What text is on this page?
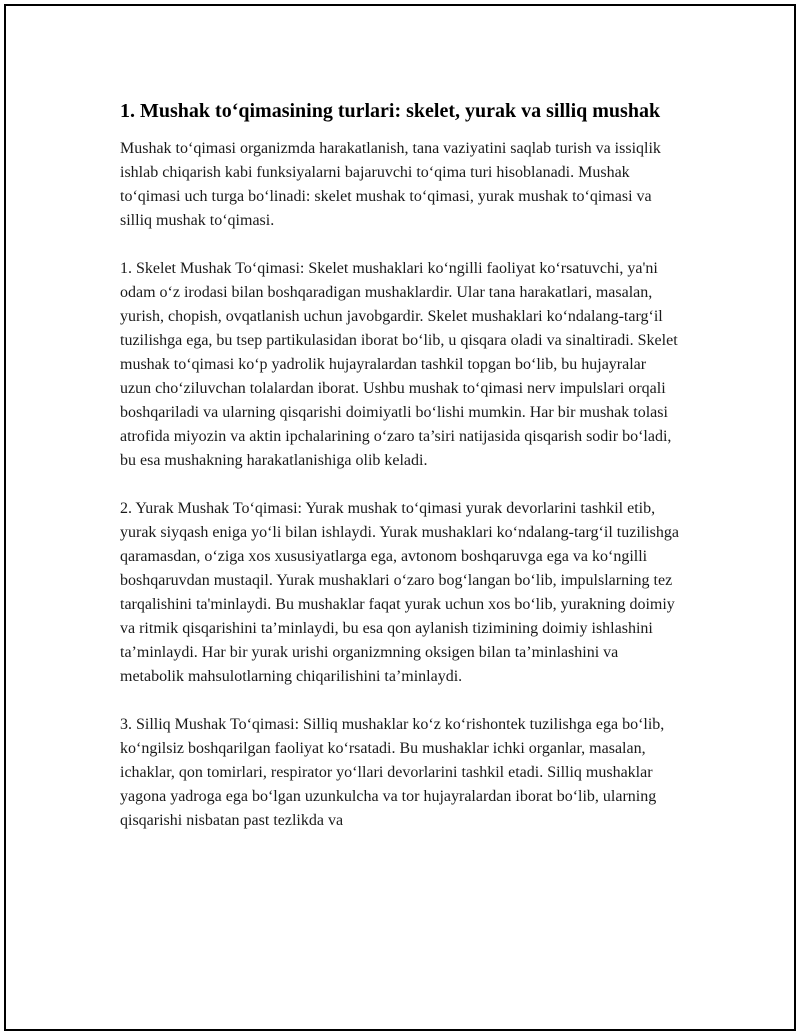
1. Mushak to‘qimasining turlari: skelet, yurak va silliq mushak

Mushak to‘qimasi organizmda harakatlanish, tana vaziyatini saqlab turish va issiqlik ishlab chiqarish kabi funksiyalarni bajaruvchi to‘qima turi hisoblanadi. Mushak to‘qimasi uch turga bo‘linadi: skelet mushak to‘qimasi, yurak mushak to‘qimasi va silliq mushak to‘qimasi.

1. Skelet Mushak To‘qimasi: Skelet mushaklari ko‘ngilli faoliyat ko‘rsatuvchi, ya'ni odam o‘z irodasi bilan boshqaradigan mushaklardir. Ular tana harakatlari, masalan, yurish, chopish, ovqatlanish uchun javobgardir. Skelet mushaklari ko‘ndalang-targ‘il tuzilishga ega, bu tsep partikulasidan iborat bo‘lib, u qisqara oladi va sinaltiradi. Skelet mushak to‘qimasi ko‘p yadrolik hujayralardan tashkil topgan bo‘lib, bu hujayralar uzun cho‘ziluvchan tolalardan iborat. Ushbu mushak to‘qimasi nerv impulslari orqali boshqariladi va ularning qisqarishi doimiyatli bo‘lishi mumkin. Har bir mushak tolasi atrofida miyozin va aktin ipchalarining o‘zaro ta’siri natijasida qisqarish sodir bo‘ladi, bu esa mushakning harakatlanishiga olib keladi.

2. Yurak Mushak To‘qimasi: Yurak mushak to‘qimasi yurak devorlarini tashkil etib, yurak siyqash eniga yo‘li bilan ishlaydi. Yurak mushaklari ko‘ndalang-targ‘il tuzilishga qaramasdan, o‘ziga xos xususiyatlarga ega, avtonom boshqaruvga ega va ko‘ngilli boshqaruvdan mustaqil. Yurak mushaklari o‘zaro bog‘langan bo‘lib, impulslarning tez tarqalishini ta'minlaydi. Bu mushaklar faqat yurak uchun xos bo‘lib, yurakning doimiy va ritmik qisqarishini ta’minlaydi, bu esa qon aylanish tizimining doimiy ishlashini ta’minlaydi. Har bir yurak urishi organizmning oksigen bilan ta’minlashini va metabolik mahsulotlarning chiqarilishini ta’minlaydi.

3. Silliq Mushak To‘qimasi: Silliq mushaklar ko‘z ko‘rishontek tuzilishga ega bo‘lib, ko‘ngilsiz boshqarilgan faoliyat ko‘rsatadi. Bu mushaklar ichki organlar, masalan, ichaklar, qon tomirlari, respirator yo‘llari devorlarini tashkil etadi. Silliq mushaklar yagona yadroga ega bo‘lgan uzunkulcha va tor hujayralardan iborat bo‘lib, ularning qisqarishi nisbatan past tezlikda va
